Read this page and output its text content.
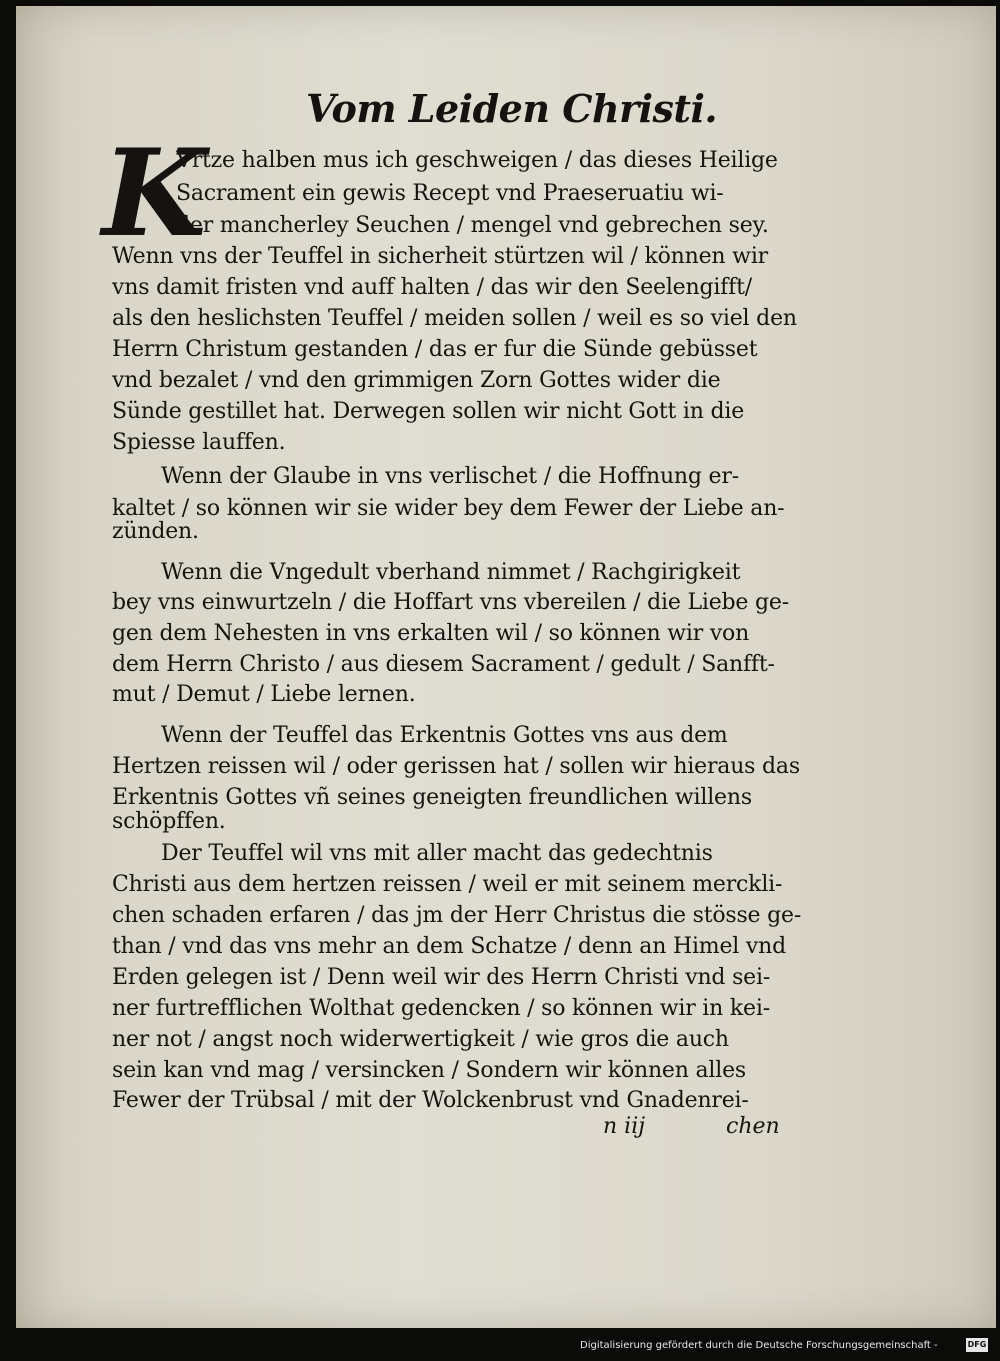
Vom Leiden Christi.
K
Vrtze halben mus ich geschweigen / das dieses Heilige
Sacrament ein gewis Recept vnd Praeseruatiu wi-
der mancherley Seuchen / mengel vnd gebrechen sey.
Wenn vns der Teuffel in sicherheit stürtzen wil / können wir
vns damit fristen vnd auff halten / das wir den Seelengifft/
als den heslichsten Teuffel / meiden sollen / weil es so viel den
Herrn Christum gestanden / das er fur die Sünde gebüsset
vnd bezalet / vnd den grimmigen Zorn Gottes wider die
Sünde gestillet hat. Derwegen sollen wir nicht Gott in die
Spiesse lauffen.
Wenn der Glaube in vns verlischet / die Hoffnung er-
kaltet / so können wir sie wider bey dem Fewer der Liebe an-
zünden.
Wenn die Vngedult vberhand nimmet / Rachgirigkeit
bey vns einwurtzeln / die Hoffart vns vbereilen / die Liebe ge-
gen dem Nehesten in vns erkalten wil / so können wir von
dem Herrn Christo / aus diesem Sacrament / gedult / Sanfft-
mut / Demut / Liebe lernen.
Wenn der Teuffel das Erkentnis Gottes vns aus dem
Hertzen reissen wil / oder gerissen hat / sollen wir hieraus das
Erkentnis Gottes vñ seines geneigten freundlichen willens
schöpffen.
Der Teuffel wil vns mit aller macht das gedechtnis
Christi aus dem hertzen reissen / weil er mit seinem merckli-
chen schaden erfaren / das jm der Herr Christus die stösse ge-
than / vnd das vns mehr an dem Schatze / denn an Himel vnd
Erden gelegen ist / Denn weil wir des Herrn Christi vnd sei-
ner furtrefflichen Wolthat gedencken / so können wir in kei-
ner not / angst noch widerwertigkeit / wie gros die auch
sein kan vnd mag / versincken / Sondern wir können alles
Fewer der Trübsal / mit der Wolckenbrust vnd Gnadenrei-
n iij	chen
Digitalisierung gefördert durch die Deutsche Forschungsgemeinschaft -	DFG
